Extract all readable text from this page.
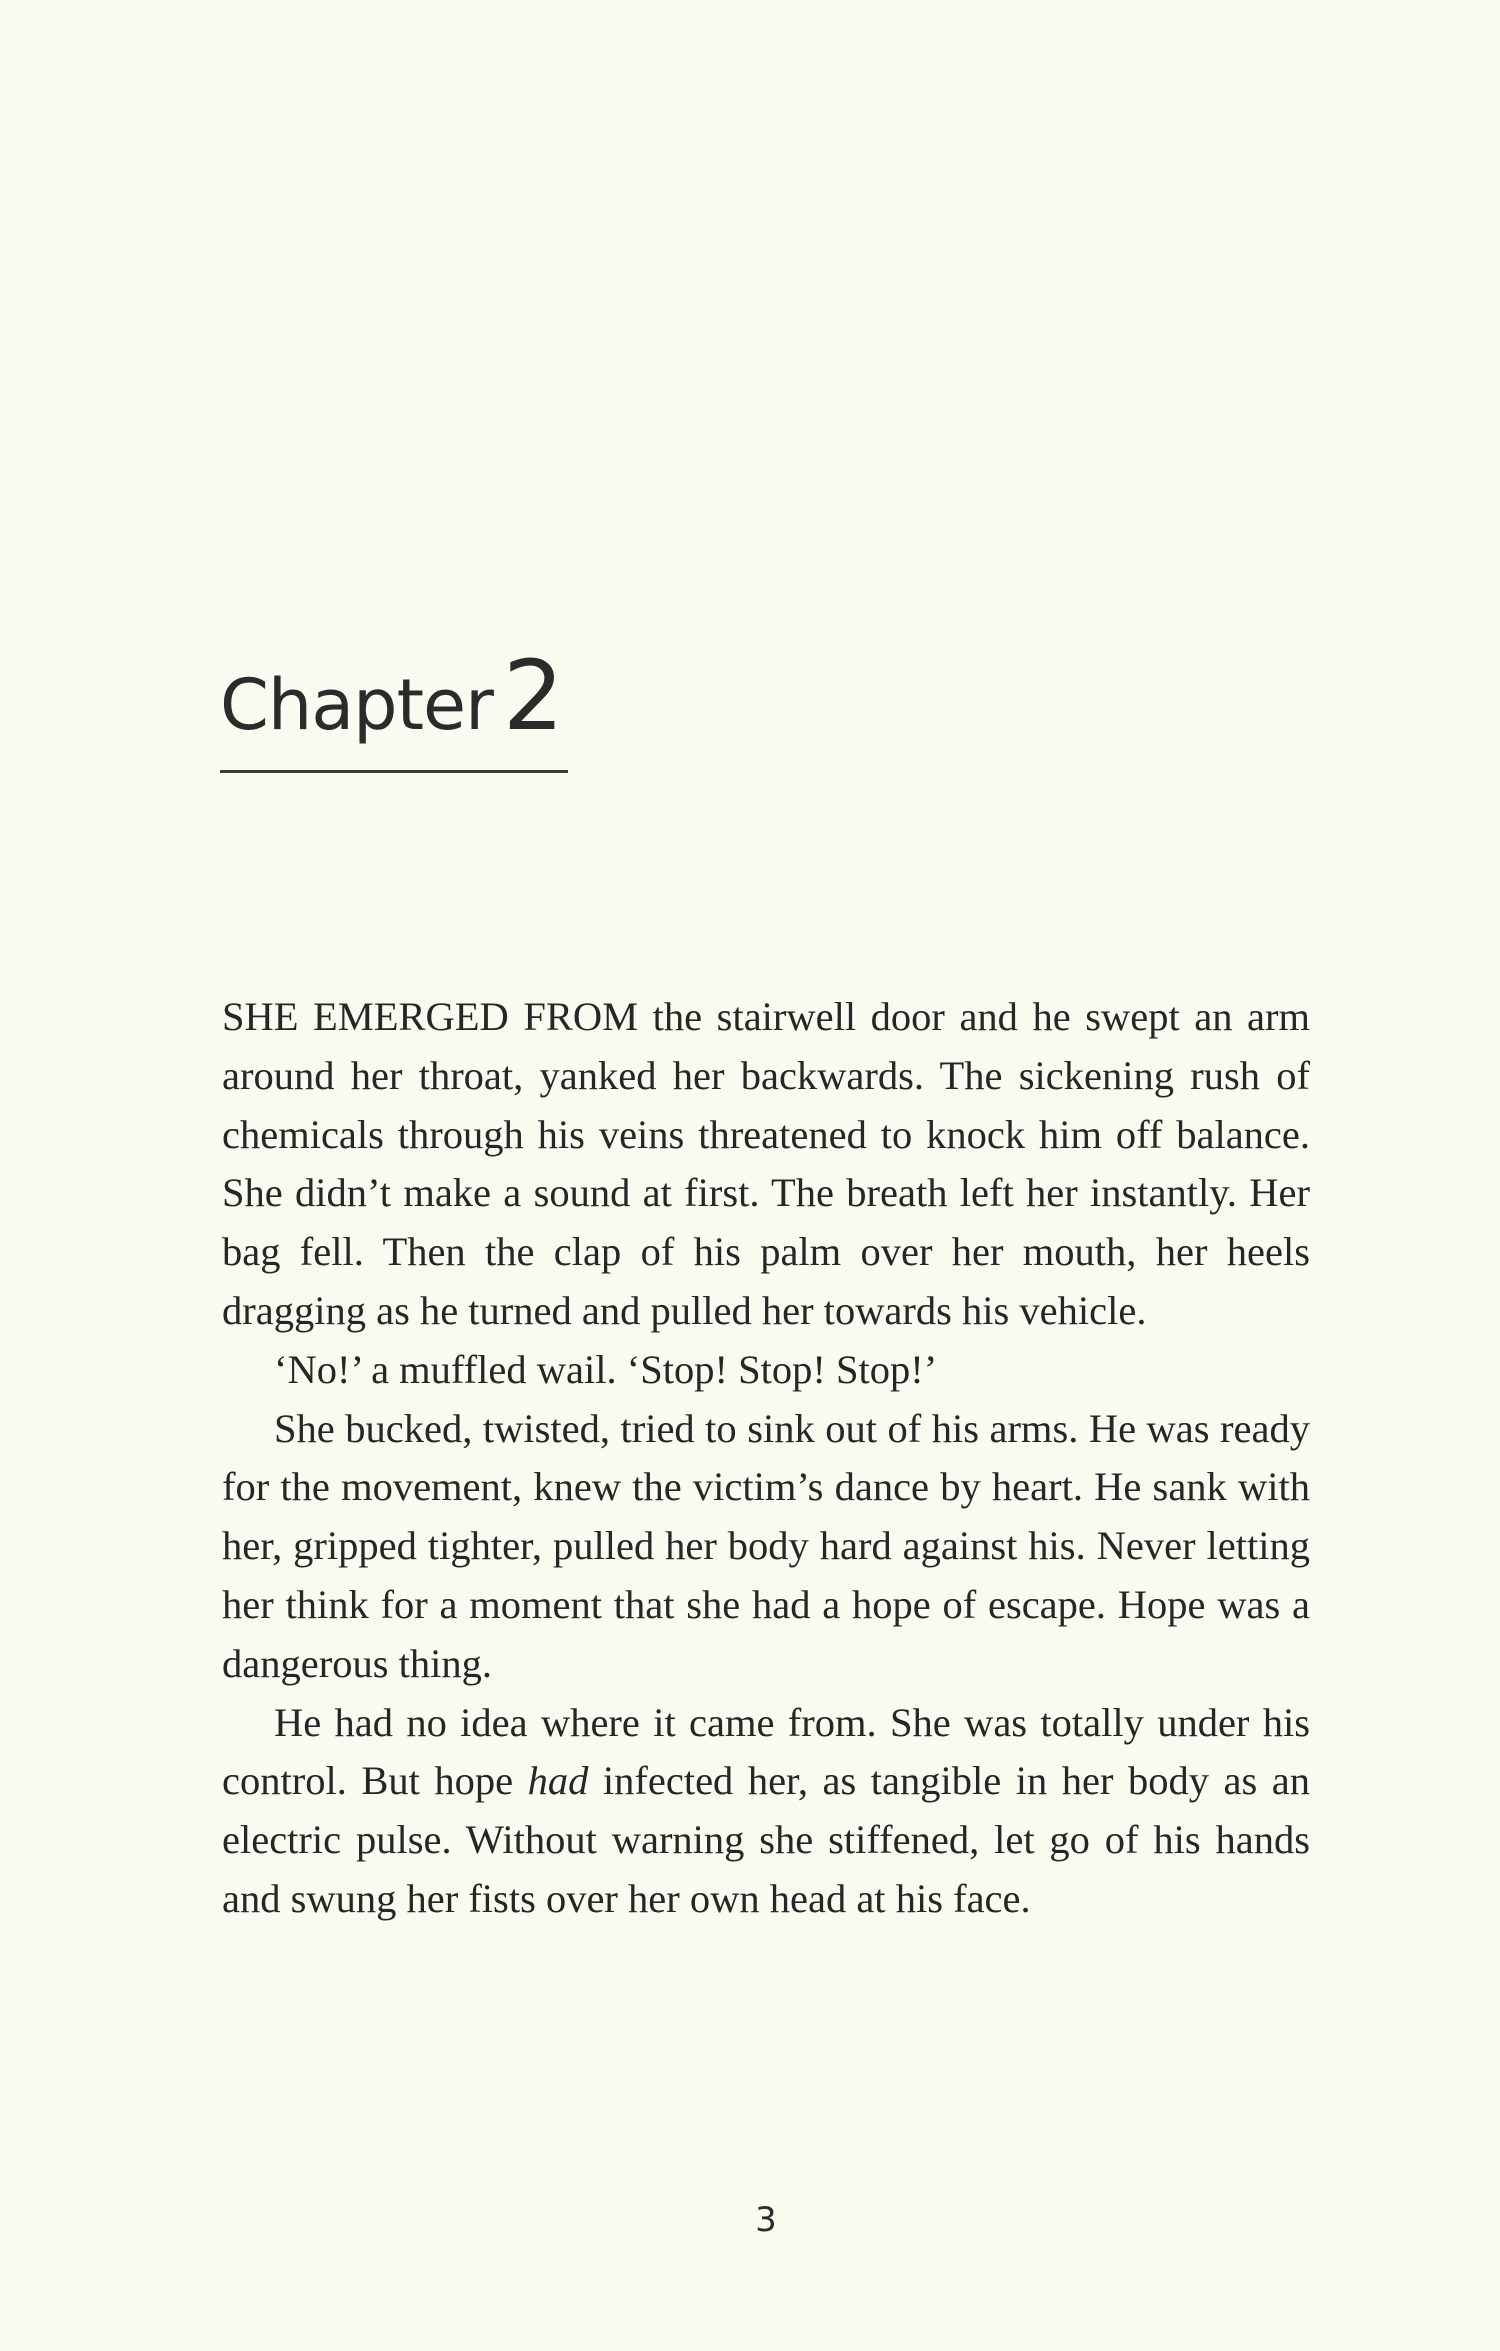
Chapter 2

SHE EMERGED FROM the stairwell door and he swept an arm around her throat, yanked her backwards. The sickening rush of chemicals through his veins threatened to knock him off balance. She didn’t make a sound at first. The breath left her instantly. Her bag fell. Then the clap of his palm over her mouth, her heels dragging as he turned and pulled her towards his vehicle.

‘No!’ a muffled wail. ‘Stop! Stop! Stop!’

She bucked, twisted, tried to sink out of his arms. He was ready for the movement, knew the victim’s dance by heart. He sank with her, gripped tighter, pulled her body hard against his. Never letting her think for a moment that she had a hope of escape. Hope was a dangerous thing.

He had no idea where it came from. She was totally under his control. But hope had infected her, as tangible in her body as an electric pulse. Without warning she stiffened, let go of his hands and swung her fists over her own head at his face.

3
